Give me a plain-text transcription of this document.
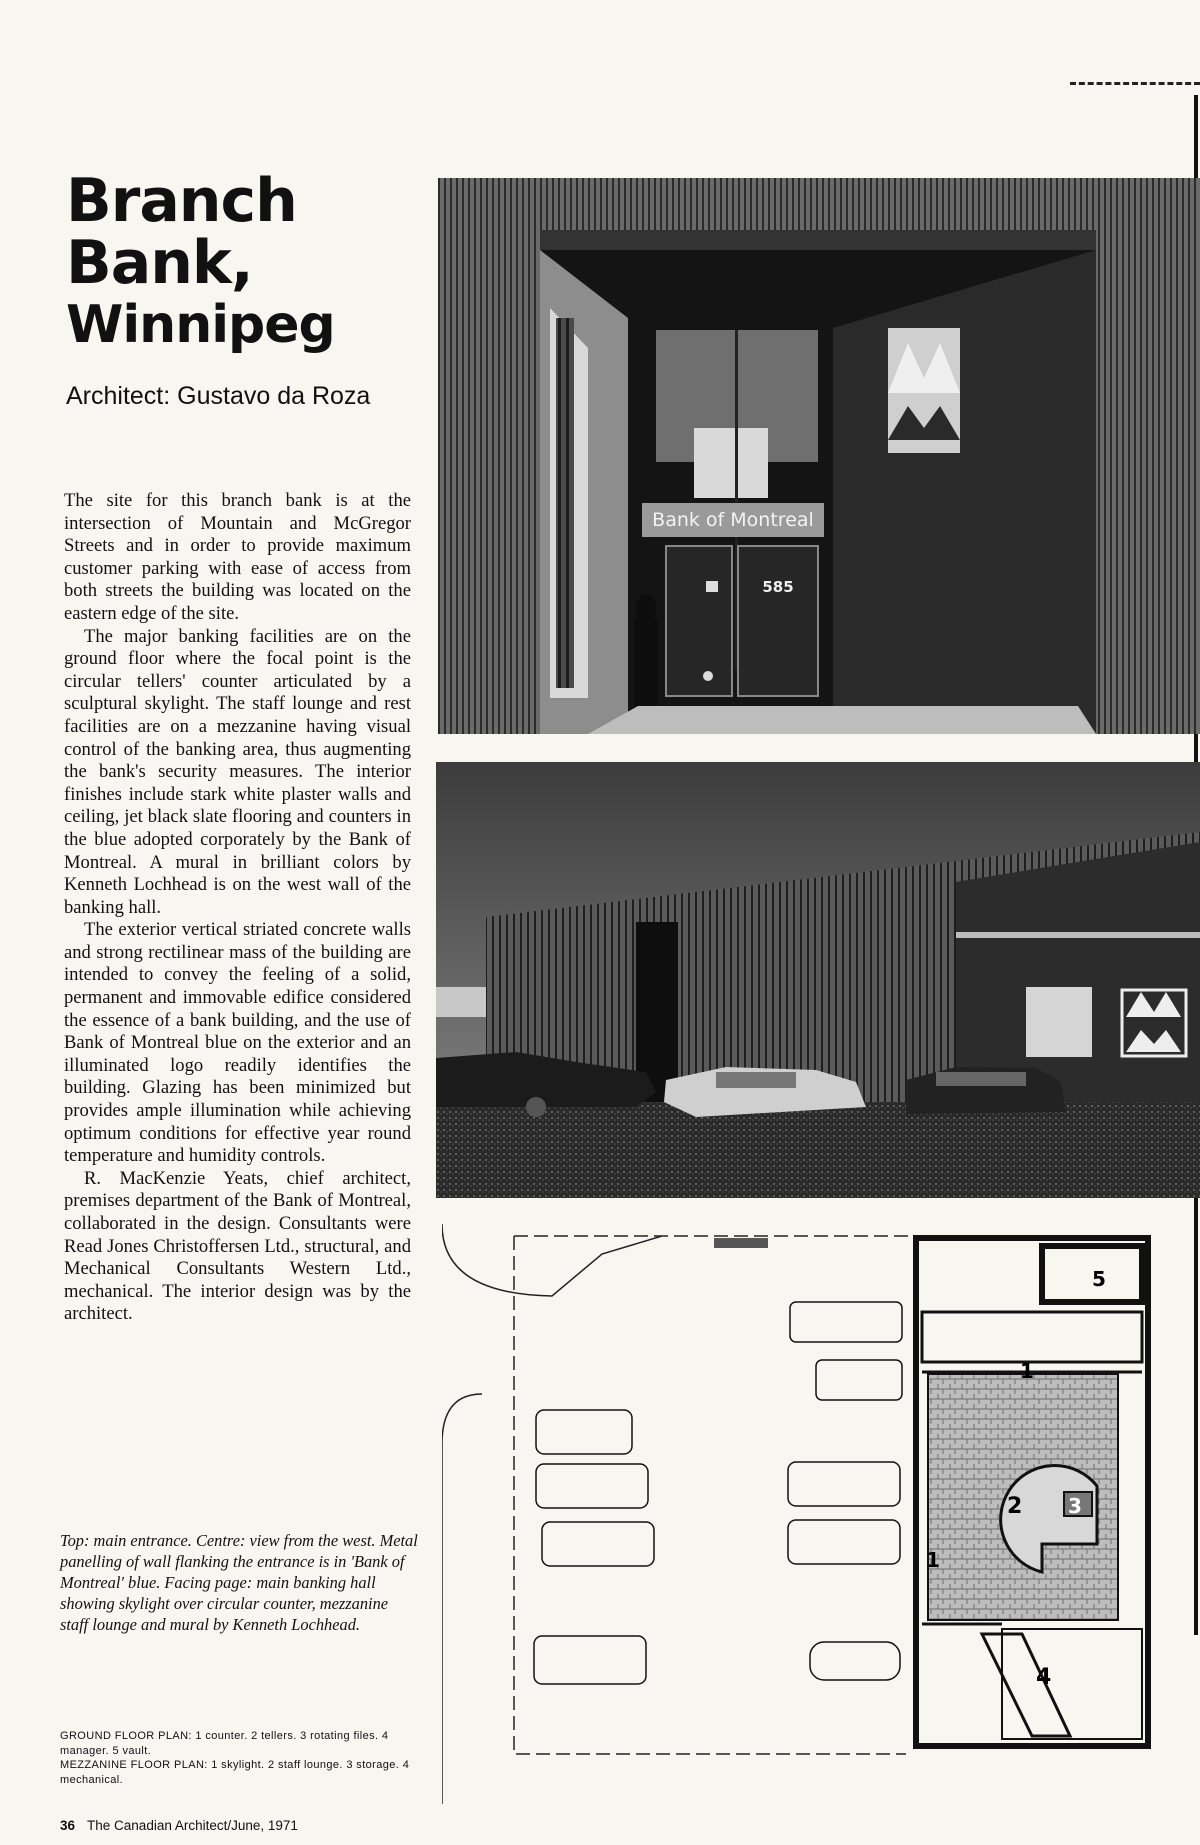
Branch
Bank,
Winnipeg
Architect: Gustavo da Roza

The site for this branch bank is at the intersection of Mountain and McGregor Streets and in order to provide maximum customer parking with ease of access from both streets the building was located on the eastern edge of the site.

The major banking facilities are on the ground floor where the focal point is the circular tellers' counter articulated by a sculptural skylight. The staff lounge and rest facilities are on a mezzanine having visual control of the banking area, thus augmenting the bank's security measures. The interior finishes include stark white plaster walls and ceiling, jet black slate flooring and counters in the blue adopted corporately by the Bank of Montreal. A mural in brilliant colors by Kenneth Lochhead is on the west wall of the banking hall.

The exterior vertical striated concrete walls and strong rectilinear mass of the building are intended to convey the feeling of a solid, permanent and immovable edifice considered the essence of a bank building, and the use of Bank of Montreal blue on the exterior and an illuminated logo readily identifies the building. Glazing has been minimized but provides ample illumination while achieving optimum conditions for effective year round temperature and humidity controls.

R. MacKenzie Yeats, chief architect, premises department of the Bank of Montreal, collaborated in the design. Consultants were Read Jones Christoffersen Ltd., structural, and Mechanical Consultants Western Ltd., mechanical. The interior design was by the architect.

Top: main entrance. Centre: view from the west. Metal panelling of wall flanking the entrance is in 'Bank of Montreal' blue. Facing page: main banking hall showing skylight over circular counter, mezzanine staff lounge and mural by Kenneth Lochhead.
GROUND FLOOR PLAN: 1 counter. 2 tellers. 3 rotating files. 4 manager. 5 vault.
MEZZANINE FLOOR PLAN: 1 skylight. 2 staff lounge. 3 storage. 4 mechanical.
36 The Canadian Architect/June, 1971
Bank of Montreal
585
5
1
2 3
1
4
